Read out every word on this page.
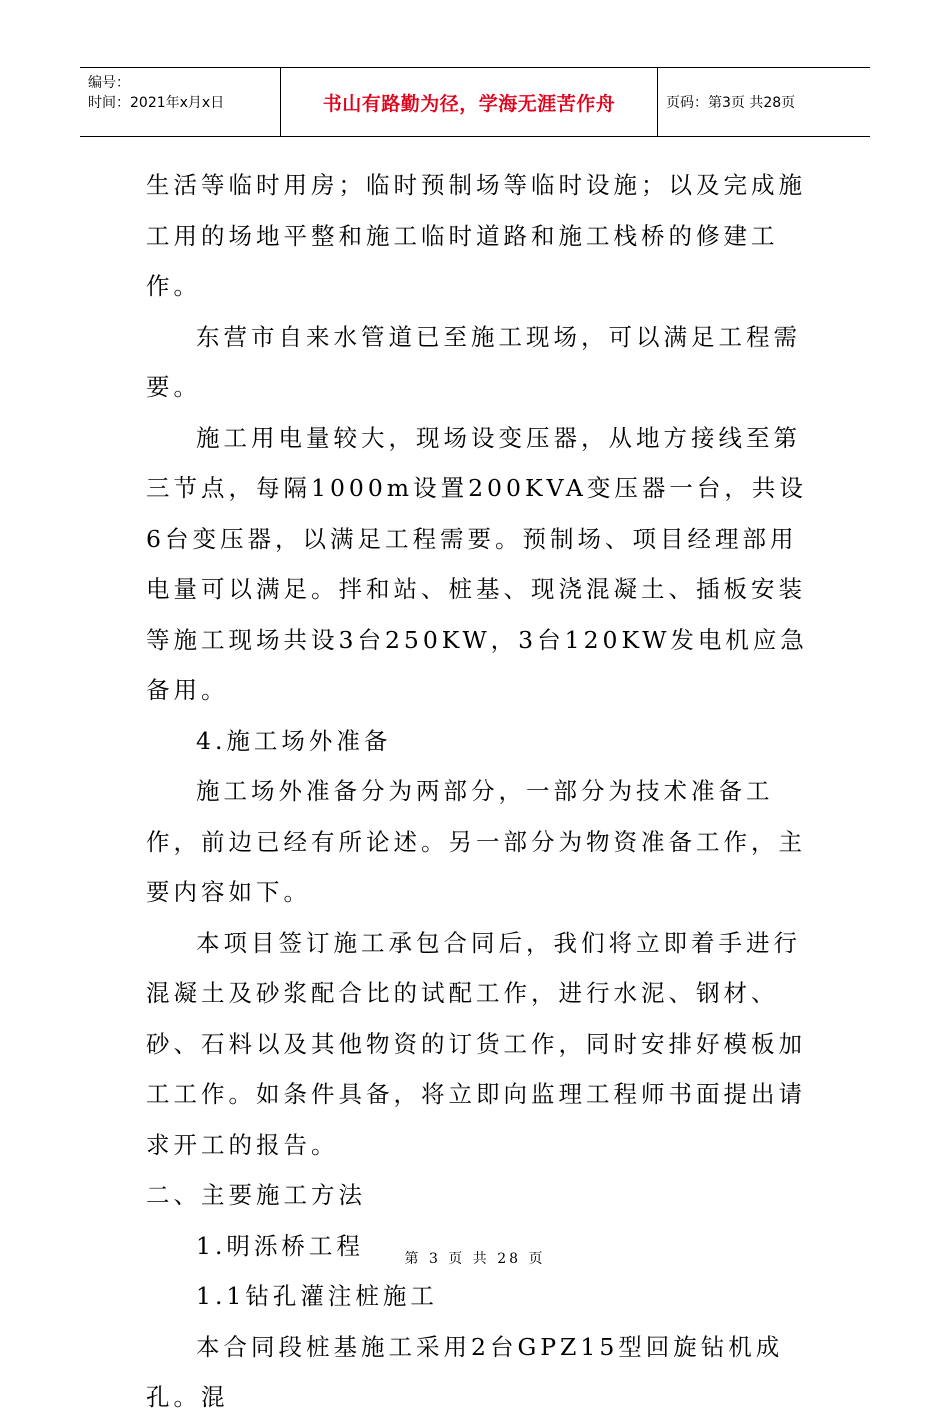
编号：
时间：2021年x月x日	书山有路勤为径，学海无涯苦作舟	页码：第3页 共28页

生活等临时用房；临时预制场等临时设施；以及完成施工用的场地平整和施工临时道路和施工栈桥的修建工作。

东营市自来水管道已至施工现场，可以满足工程需要。

施工用电量较大，现场设变压器，从地方接线至第三节点，每隔1000m设置200KVA变压器一台，共设6台变压器，以满足工程需要。预制场、项目经理部用电量可以满足。拌和站、桩基、现浇混凝土、插板安装等施工现场共设3台250KW，3台120KW发电机应急备用。

4.施工场外准备

施工场外准备分为两部分，一部分为技术准备工作，前边已经有所论述。另一部分为物资准备工作，主要内容如下。

本项目签订施工承包合同后，我们将立即着手进行混凝土及砂浆配合比的试配工作，进行水泥、钢材、砂、石料以及其他物资的订货工作，同时安排好模板加工工作。如条件具备，将立即向监理工程师书面提出请求开工的报告。

二、主要施工方法

1.明泺桥工程

1.1钻孔灌注桩施工

本合同段桩基施工采用2台GPZ15型回旋钻机成孔。混

第 3 页 共 28 页
